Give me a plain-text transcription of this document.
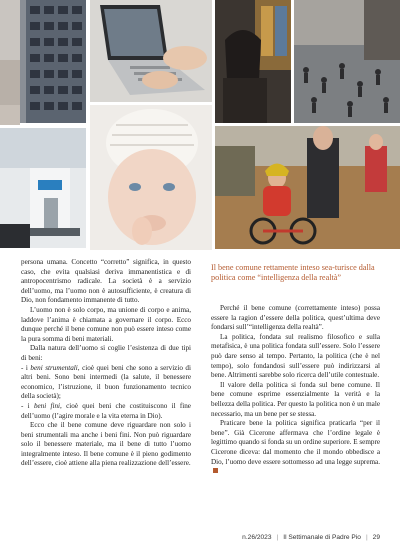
Il bene comune rettamente inteso sea-turisce dalla politica come “intelligenza della realtà”

persona umana. Concetto “corretto” significa, in questo caso, che evita qualsiasi deriva immanentistica e di antropocentrismo radicale. La società è a servizio dell’uomo, ma l’uomo non è autosufficiente, è creatura di Dio, non fondamento immanente di tutto.

L’uomo non è solo corpo, ma unione di corpo e anima, laddove l’anima è chiamata a governare il corpo. Ecco dunque perché il bene comune non può essere inteso come la pura somma di beni materiali.

Dalla natura dell’uomo si coglie l’esistenza di due tipi di beni:

- i beni strumentali, cioè quei beni che sono a servizio di altri beni. Sono beni intermedi (la salute, il benessere economico, l’istruzione, il buon funzionamento tecnico della società);

- i beni fini, cioè quei beni che costituiscono il fine dell’uomo (l’agire morale e la vita eterna in Dio).

Ecco che il bene comune deve riguardare non solo i beni strumentali ma anche i beni fini. Non può riguardare solo il benessere materiale, ma il bene di tutto l’uomo integralmente inteso. Il bene comune è il pieno godimento dell’essere, cioè attiene alla piena realizzazione dell’essere.

Perché il bene comune (correttamente inteso) possa essere la ragion d’essere della politica, quest’ultima deve fondarsi sull’“intelligenza della realtà”.

La politica, fondata sul realismo filosofico e sulla metafisica, è una politica fondata sull’essere. Solo l’essere può dare senso al tempo. Pertanto, la politica (che è nel tempo), solo fondandosi sull’essere può indirizzarsi al bene. Altrimenti sarebbe solo ricerca dell’utile contestuale.

Il valore della politica si fonda sul bene comune. Il bene comune esprime essenzialmente la verità e la bellezza della politica. Per questo la politica non è un male necessario, ma un bene per se stessa.

Praticare bene la politica significa praticarla “per il bene”. Già Cicerone affermava che l’ordine legale è legittimo quando si fonda su un ordine superiore. E sempre Cicerone diceva: dal momento che il mondo obbedisce a Dio, l’uomo deve essere sottomesso ad una legge suprema.

n.26/2023 | Il Settimanale di Padre Pio | 29
